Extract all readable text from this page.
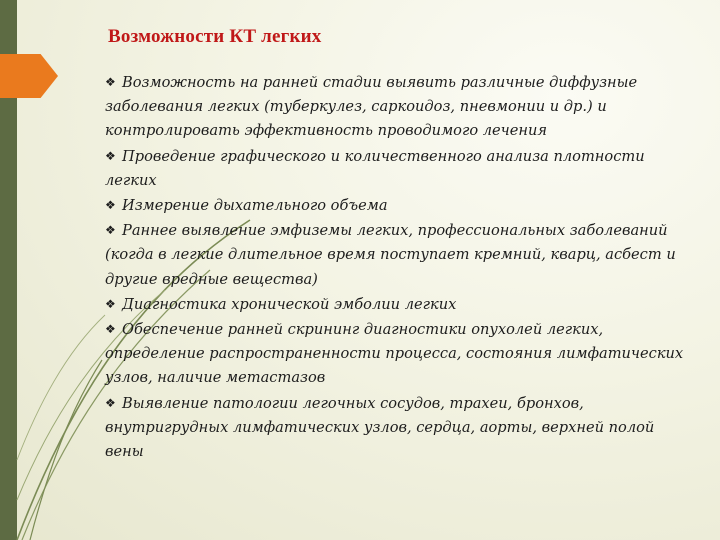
Возможности КТ легких
❖ Возможность на ранней стадии выявить различные диффузные заболевания легких (туберкулез, саркоидоз, пневмонии и др.) и контролировать эффективность проводимого лечения
❖ Проведение графического и количественного анализа плотности легких
❖ Измерение дыхательного объема
❖ Раннее выявление эмфиземы легких, профессиональных заболеваний (когда в легкие длительное время поступает кремний, кварц, асбест и другие вредные вещества)
❖ Диагностика хронической эмболии легких
❖ Обеспечение ранней скрининг диагностики опухолей легких, определение распространенности процесса, состояния лимфатических узлов, наличие метастазов
❖ Выявление патологии легочных сосудов, трахеи, бронхов, внутригрудных лимфатических узлов, сердца, аорты, верхней полой вены
